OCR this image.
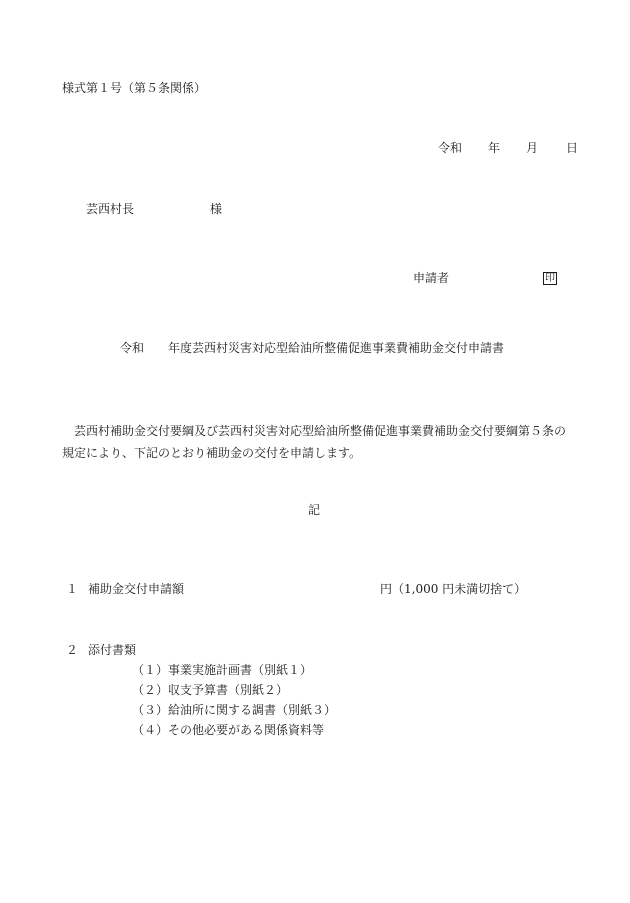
様式第１号（第５条関係）
令和 年 月 日
芸西村長	様
申請者	印
令和 年度芸西村災害対応型給油所整備促進事業費補助金交付申請書
芸西村補助金交付要綱及び芸西村災害対応型給油所整備促進事業費補助金交付要綱第５条の規定により、下記のとおり補助金の交付を申請します。
記
１ 補助金交付申請額	円（1,000 円未満切捨て）
２ 添付書類
（１）事業実施計画書（別紙１）
（２）収支予算書（別紙２）
（３）給油所に関する調書（別紙３）
（４）その他必要がある関係資料等
